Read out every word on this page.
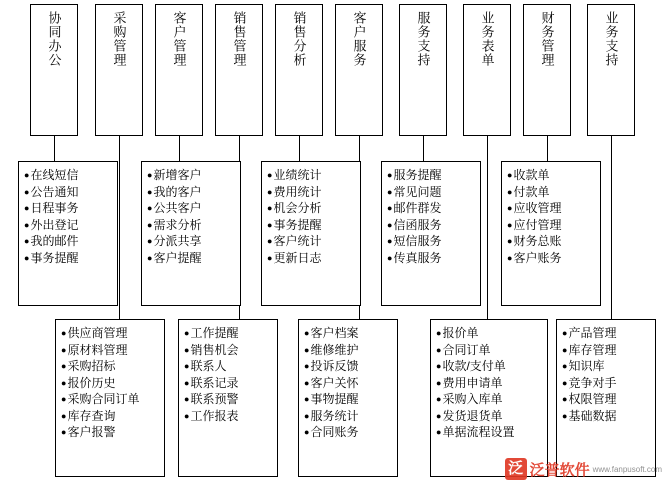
协同办公	采购管理	客户管理	销售管理	销售分析	客户服务	服务支持	业务表单	财务管理	业务支持
●在线短信
●公告通知
●日程事务
●外出登记
●我的邮件
●事务提醒
●新增客户
●我的客户
●公共客户
●需求分析
●分派共享
●客户提醒
●业绩统计
●费用统计
●机会分析
●事务提醒
●客户统计
●更新日志
●服务提醒
●常见问题
●邮件群发
●信函服务
●短信服务
●传真服务
●收款单
●付款单
●应收管理
●应付管理
●财务总账
●客户账务
●供应商管理
●原材料管理
●采购招标
●报价历史
●采购合同订单
●库存查询
●客户报警
●工作提醒
●销售机会
●联系人
●联系记录
●联系预警
●工作报表
●客户档案
●维修维护
●投诉反馈
●客户关怀
●事物提醒
●服务统计
●合同账务
●报价单
●合同订单
●收款/支付单
●费用申请单
●采购入库单
●发货退货单
●单据流程设置
●产品管理
●库存管理
●知识库
●竞争对手
●权限管理
●基础数据
泛 泛普软件 www.fanpusoft.com
